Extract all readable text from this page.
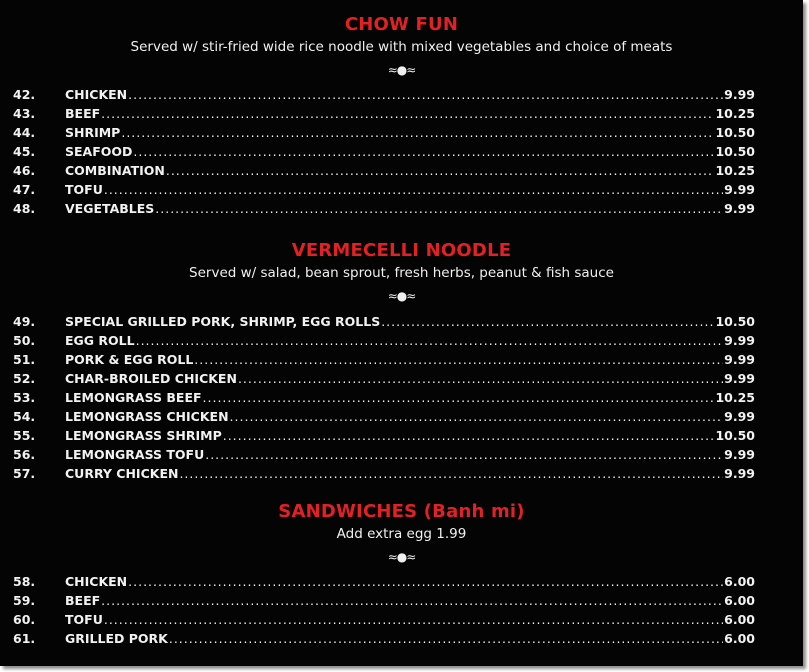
CHOW FUN
Served w/ stir-fried wide rice noodle with mixed vegetables and choice of meats
≈●≈
42.	CHICKEN .....	9.99
43.	BEEF .....	10.25
44.	SHRIMP .....	10.50
45.	SEAFOOD .....	10.50
46.	COMBINATION .....	10.25
47.	TOFU .....	9.99
48.	VEGETABLES .....	9.99
VERMECELLI NOODLE
Served w/ salad, bean sprout, fresh herbs, peanut & fish sauce
≈●≈
49.	SPECIAL GRILLED PORK, SHRIMP, EGG ROLLS .....	10.50
50.	EGG ROLL .....	9.99
51.	PORK & EGG ROLL .....	9.99
52.	CHAR-BROILED CHICKEN .....	9.99
53.	LEMONGRASS BEEF .....	10.25
54.	LEMONGRASS CHICKEN .....	9.99
55.	LEMONGRASS SHRIMP .....	10.50
56.	LEMONGRASS TOFU .....	9.99
57.	CURRY CHICKEN .....	9.99
SANDWICHES (Banh mi)
Add extra egg 1.99
≈●≈
58.	CHICKEN .....	6.00
59.	BEEF .....	6.00
60.	TOFU .....	6.00
61.	GRILLED PORK .....	6.00
